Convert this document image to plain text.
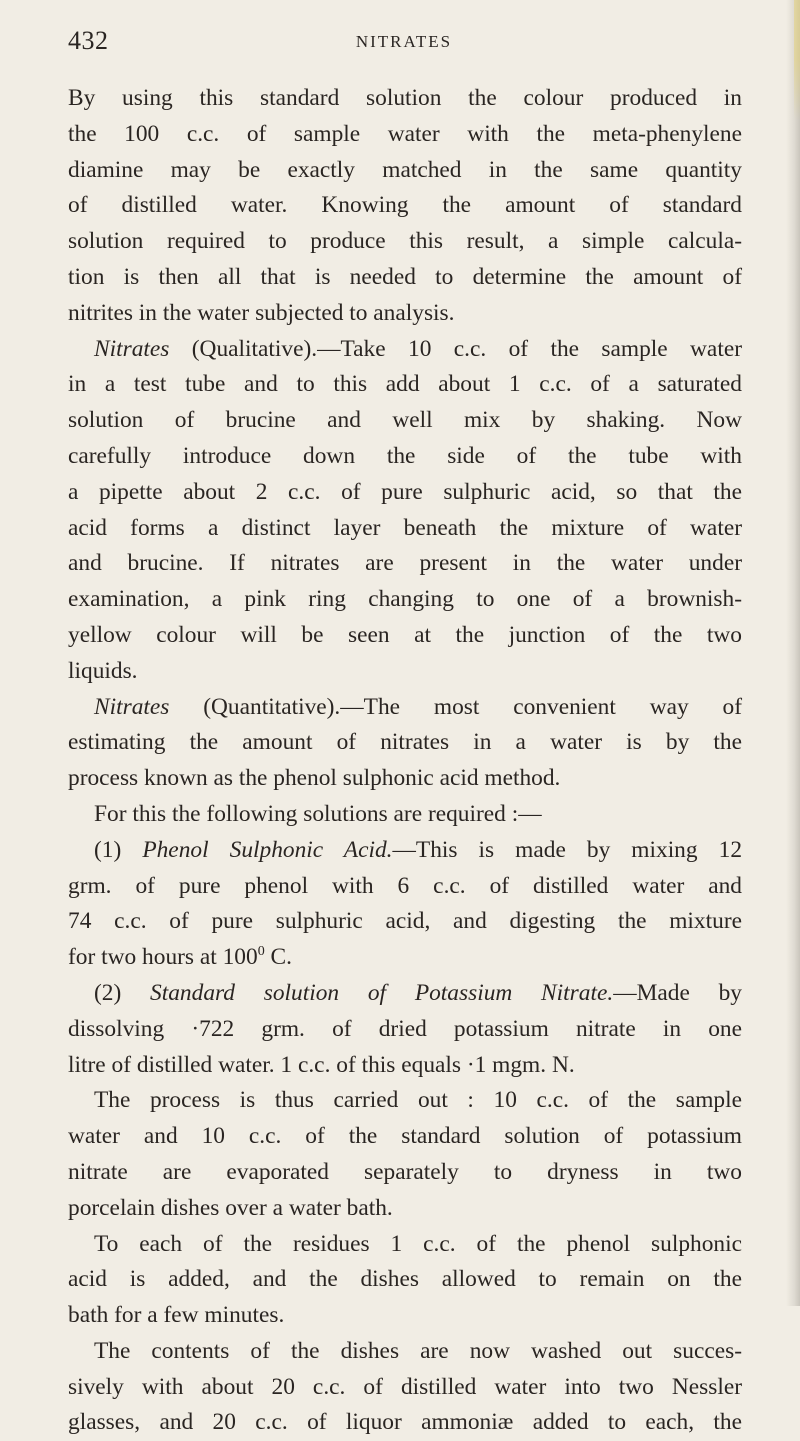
432	NITRATES
By using this standard solution the colour produced in
the 100 c.c. of sample water with the meta-phenylene
diamine may be exactly matched in the same quantity
of distilled water. Knowing the amount of standard
solution required to produce this result, a simple calcula-
tion is then all that is needed to determine the amount of
nitrites in the water subjected to analysis.
Nitrates (Qualitative).—Take 10 c.c. of the sample water
in a test tube and to this add about 1 c.c. of a saturated
solution of brucine and well mix by shaking. Now
carefully introduce down the side of the tube with
a pipette about 2 c.c. of pure sulphuric acid, so that the
acid forms a distinct layer beneath the mixture of water
and brucine. If nitrates are present in the water under
examination, a pink ring changing to one of a brownish-
yellow colour will be seen at the junction of the two
liquids.
Nitrates (Quantitative).—The most convenient way of
estimating the amount of nitrates in a water is by the
process known as the phenol sulphonic acid method.
For this the following solutions are required :—
(1) Phenol Sulphonic Acid.—This is made by mixing 12
grm. of pure phenol with 6 c.c. of distilled water and
74 c.c. of pure sulphuric acid, and digesting the mixture
for two hours at $100^0$ C.
(2) Standard solution of Potassium Nitrate.—Made by
dissolving ·722 grm. of dried potassium nitrate in one
litre of distilled water. 1 c.c. of this equals ·1 mgm. N.
The process is thus carried out : 10 c.c. of the sample
water and 10 c.c. of the standard solution of potassium
nitrate are evaporated separately to dryness in two
porcelain dishes over a water bath.
To each of the residues 1 c.c. of the phenol sulphonic
acid is added, and the dishes allowed to remain on the
bath for a few minutes.
The contents of the dishes are now washed out succes-
sively with about 20 c.c. of distilled water into two Nessler
glasses, and 20 c.c. of liquor ammoniæ added to each, the
